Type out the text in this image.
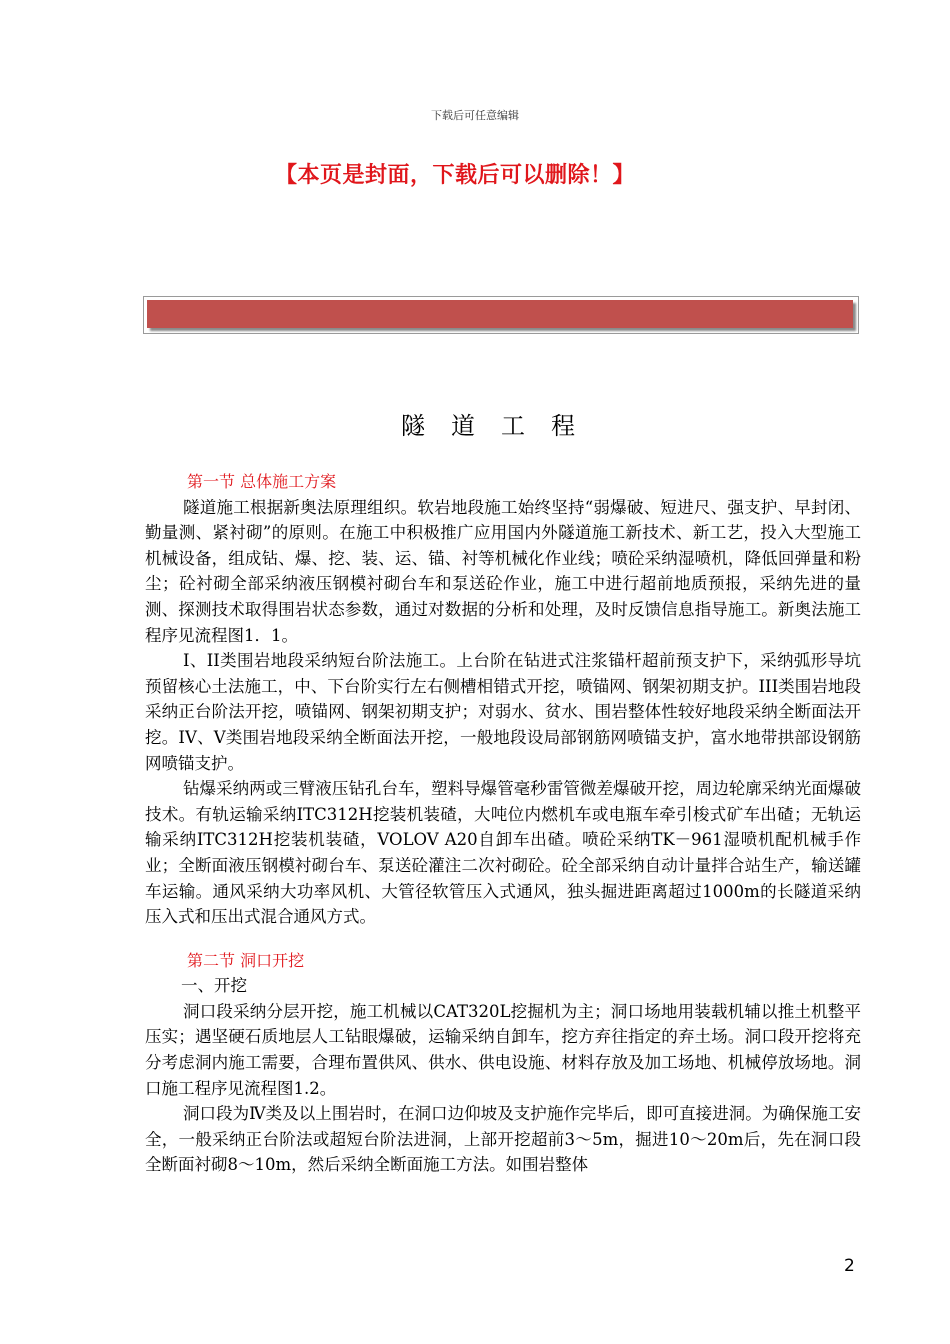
下载后可任意编辑
【本页是封面，下载后可以删除！】
隧道工程
第一节 总体施工方案

隧道施工根据新奥法原理组织。软岩地段施工始终坚持“弱爆破、短进尺、强支护、早封闭、勤量测、紧衬砌”的原则。在施工中积极推广应用国内外隧道施工新技术、新工艺，投入大型施工机械设备，组成钻、爆、挖、装、运、锚、衬等机械化作业线；喷砼采纳湿喷机，降低回弹量和粉尘；砼衬砌全部采纳液压钢模衬砌台车和泵送砼作业，施工中进行超前地质预报，采纳先进的量测、探测技术取得围岩状态参数，通过对数据的分析和处理，及时反馈信息指导施工。新奥法施工程序见流程图1．1。

I、II类围岩地段采纳短台阶法施工。上台阶在钻进式注浆锚杆超前预支护下，采纳弧形导坑预留核心土法施工，中、下台阶实行左右侧槽相错式开挖，喷锚网、钢架初期支护。III类围岩地段采纳正台阶法开挖，喷锚网、钢架初期支护；对弱水、贫水、围岩整体性较好地段采纳全断面法开挖。IV、V类围岩地段采纳全断面法开挖，一般地段设局部钢筋网喷锚支护，富水地带拱部设钢筋网喷锚支护。

钻爆采纳两或三臂液压钻孔台车，塑料导爆管毫秒雷管微差爆破开挖，周边轮廓采纳光面爆破技术。有轨运输采纳ITC312H挖装机装碴，大吨位内燃机车或电瓶车牵引梭式矿车出碴；无轨运输采纳ITC312H挖装机装碴，VOLOV A20自卸车出碴。喷砼采纳TK－961湿喷机配机械手作业；全断面液压钢模衬砌台车、泵送砼灌注二次衬砌砼。砼全部采纳自动计量拌合站生产，输送罐车运输。通风采纳大功率风机、大管径软管压入式通风，独头掘进距离超过1000m的长隧道采纳压入式和压出式混合通风方式。

第二节 洞口开挖

一、开挖

洞口段采纳分层开挖，施工机械以CAT320L挖掘机为主；洞口场地用装载机辅以推土机整平压实；遇坚硬石质地层人工钻眼爆破，运输采纳自卸车，挖方弃往指定的弃土场。洞口段开挖将充分考虑洞内施工需要，合理布置供风、供水、供电设施、材料存放及加工场地、机械停放场地。洞口施工程序见流程图1.2。

洞口段为Ⅳ类及以上围岩时，在洞口边仰坡及支护施作完毕后，即可直接进洞。为确保施工安全，一般采纳正台阶法或超短台阶法进洞，上部开挖超前3～5m，掘进10～20m后，先在洞口段全断面衬砌8～10m，然后采纳全断面施工方法。如围岩整体

2
